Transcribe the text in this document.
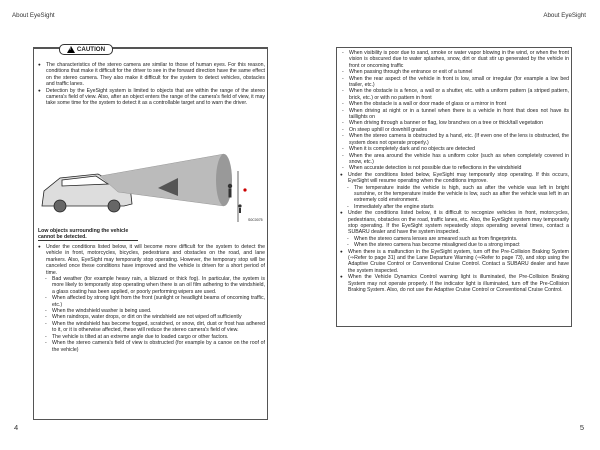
About EyeSight	About EyeSight
! CAUTION

● The characteristics of the stereo camera are similar to those of human eyes. For this reason, conditions that make it difficult for the driver to see in the forward direction have the same effect on the stereo camera. They also make it difficult for the system to detect vehicles, obstacles and traffic lanes.

● Detection by the EyeSight system is limited to objects that are within the range of the stereo camera's field of view. Also, after an object enters the range of the camera's field of view, it may take some time for the system to detect it as a controllable target and to warn the driver.

Low objects surrounding the vehicle cannot be detected.
S0C0075

● Under the conditions listed below, it will become more difficult for the system to detect the vehicle in front, motorcycles, bicycles, pedestrians and obstacles on the road, and lane markers. Also, EyeSight may temporarily stop operating. However, the temporary stop will be canceled once these conditions have improved and the vehicle is driven for a short period of time.

- Bad weather (for example heavy rain, a blizzard or thick fog). In particular, the system is more likely to temporarily stop operating when there is an oil film adhering to the windshield, a glass coating has been applied, or poorly performing wipers are used.

- When affected by strong light from the front (sunlight or headlight beams of oncoming traffic, etc.)

- When the windshield washer is being used.

- When raindrops, water drops, or dirt on the windshield are not wiped off sufficiently

- When the windshield has become fogged, scratched, or snow, dirt, dust or frost has adhered to it, or it is otherwise affected, these will reduce the stereo camera's field of view.

- The vehicle is tilted at an extreme angle due to loaded cargo or other factors.

- When the stereo camera's field of view is obstructed (for example by a canoe on the roof of the vehicle)

- When visibility is poor due to sand, smoke or water vapor blowing in the wind, or when the front vision is obscured due to water splashes, snow, dirt or dust stir up generated by the vehicle in front or oncoming traffic

- When passing through the entrance or exit of a tunnel

- When the rear aspect of the vehicle in front is low, small or irregular (for example a low bed trailer, etc.)

- When the obstacle is a fence, a wall or a shutter, etc. with a uniform pattern (a striped pattern, brick, etc.) or with no pattern in front

- When the obstacle is a wall or door made of glass or a mirror in front

- When driving at night or in a tunnel when there is a vehicle in front that does not have its taillights on

- When driving through a banner or flag, low branches on a tree or thick/tall vegetation

- On steep uphill or downhill grades

- When the stereo camera is obstructed by a hand, etc. (If even one of the lens is obstructed, the system does not operate properly.)

- When it is completely dark and no objects are detected

- When the area around the vehicle has a uniform color (such as when completely covered in snow, etc.)

- When accurate detection is not possible due to reflections in the windshield

● Under the conditions listed below, EyeSight may temporarily stop operating. If this occurs, EyeSight will resume operating when the conditions improve.

- The temperature inside the vehicle is high, such as after the vehicle was left in bright sunshine, or the temperature inside the vehicle is low, such as after the vehicle was left in an extremely cold environment.

- Immediately after the engine starts

● Under the conditions listed below, it is difficult to recognize vehicles in front, motorcycles, pedestrians, obstacles on the road, traffic lanes, etc. Also, the EyeSight system may temporarily stop operating. If the EyeSight system repeatedly stops operating several times, contact a SUBARU dealer and have the system inspected.

- When the stereo camera lenses are smeared such as from fingerprints.

- When the stereo camera has become misaligned due to a strong impact

● When there is a malfunction in the EyeSight system, turn off the Pre-Collision Braking System (⇒Refer to page 31) and the Lane Departure Warning (⇒Refer to page 73), and stop using the Adaptive Cruise Control or Conventional Cruise Control. Contact a SUBARU dealer and have the system inspected.

● When the Vehicle Dynamics Control warning light is illuminated, the Pre-Collision Braking System may not operate properly. If the indicator light is illuminated, turn off the Pre-Collision Braking System. Also, do not use the Adaptive Cruise Control or Conventional Cruise Control.

4	5
